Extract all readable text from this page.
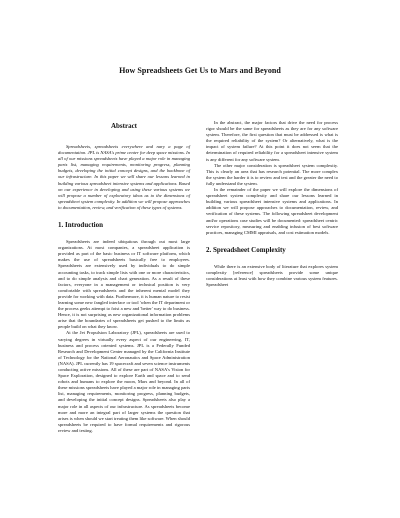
How Spreadsheets Get Us to Mars and Beyond
Abstract

Spreadsheets, spreadsheets everywhere and nary a page of documentation. JPL is NASA's prime center for deep space missions. In all of our missions spreadsheets have played a major role in managing parts list, managing requirements, monitoring progress, planning budgets, developing the initial concept designs, and the backbone of our infrastructure. In this paper we will share our lessons learned in building various spreadsheet intensive systems and applications. Based on our experience in developing and using these various systems we will propose a number of exploratory ideas as to the dimensions of spreadsheet system complexity. In addition we will propose approaches to documentation, review, and verification of these types of systems.

1. Introduction

Spreadsheets are indeed ubiquitous through out most large organizations. At most companies, a spreadsheet application is provided as part of the basic business or IT software platform, which makes the use of spreadsheets basically free to employees. Spreadsheets are extensively used by individuals to do simple accounting tasks, to track simple lists with one or more characteristics, and to do simple analysis and chart generation. As a result of these factors, everyone in a management or technical position is very comfortable with spreadsheets and the inherent mental model they provide for working with data. Furthermore, it is human nature to resist learning some new fangled interface or tool 'when the IT department or the process geeks attempt to foist a new and 'better' way to do business. Hence, it is not surprising as new organizational information problems arise that the boundaries of spreadsheets get pushed to the limits as people build on what they know.

At the Jet Propulsion Laboratory (JPL), spreadsheets are used to varying degrees in virtually every aspect of our engineering, IT, business and process oriented systems. JPL is a Federally Funded Research and Development Center managed by the California Institute of Technology for the National Aeronautics and Space Administration (NASA). JPL currently has 19 spacecraft and seven science instruments conducting active missions. All of these are part of NASA's Vision for Space Exploration, designed to explore Earth and space and to send robots and humans to explore the moon, Mars and beyond. In all of these missions spreadsheets have played a major role in managing parts list, managing requirements, monitoring progress, planning budgets, and developing the initial concept designs. Spreadsheets also play a major role in all aspects of our infrastructure. As spreadsheets become more and more an integral part of larger systems the question that arises is when should we start treating them like software. When should spreadsheets be required to have formal requirements and rigorous review and testing.

In the abstract, the major factors that drive the need for process rigor should be the same for spreadsheets as they are for any software system. Therefore, the first question that must be addressed is what is the required reliability of the system? Or alternatively, what is the impact of system failure? At this point it does not seem that the determination of required reliability for a spreadsheet intensive system is any different for any software system.

The other major consideration is spreadsheet system complexity. This is clearly an area that has research potential. The more complex the system the harder it is to review and test and the greater the need to fully understand the system.

In the remainder of the paper we will explore the dimensions of spreadsheet system complexity and share our lessons learned in building various spreadsheet intensive systems and applications. In addition we will propose approaches to documentation, review, and verification of these systems. The following spreadsheet development and/or operations case studies will be documented: spreadsheet centric service repository, measuring and enabling infusion of best software practices, managing CMMI appraisals, and cost estimation models.

2. Spreadsheet Complexity

While there is an extensive body of literature that explores system complexity [reference] spreadsheets provide some unique considerations at least with how they combine various system features. Spreadsheet
